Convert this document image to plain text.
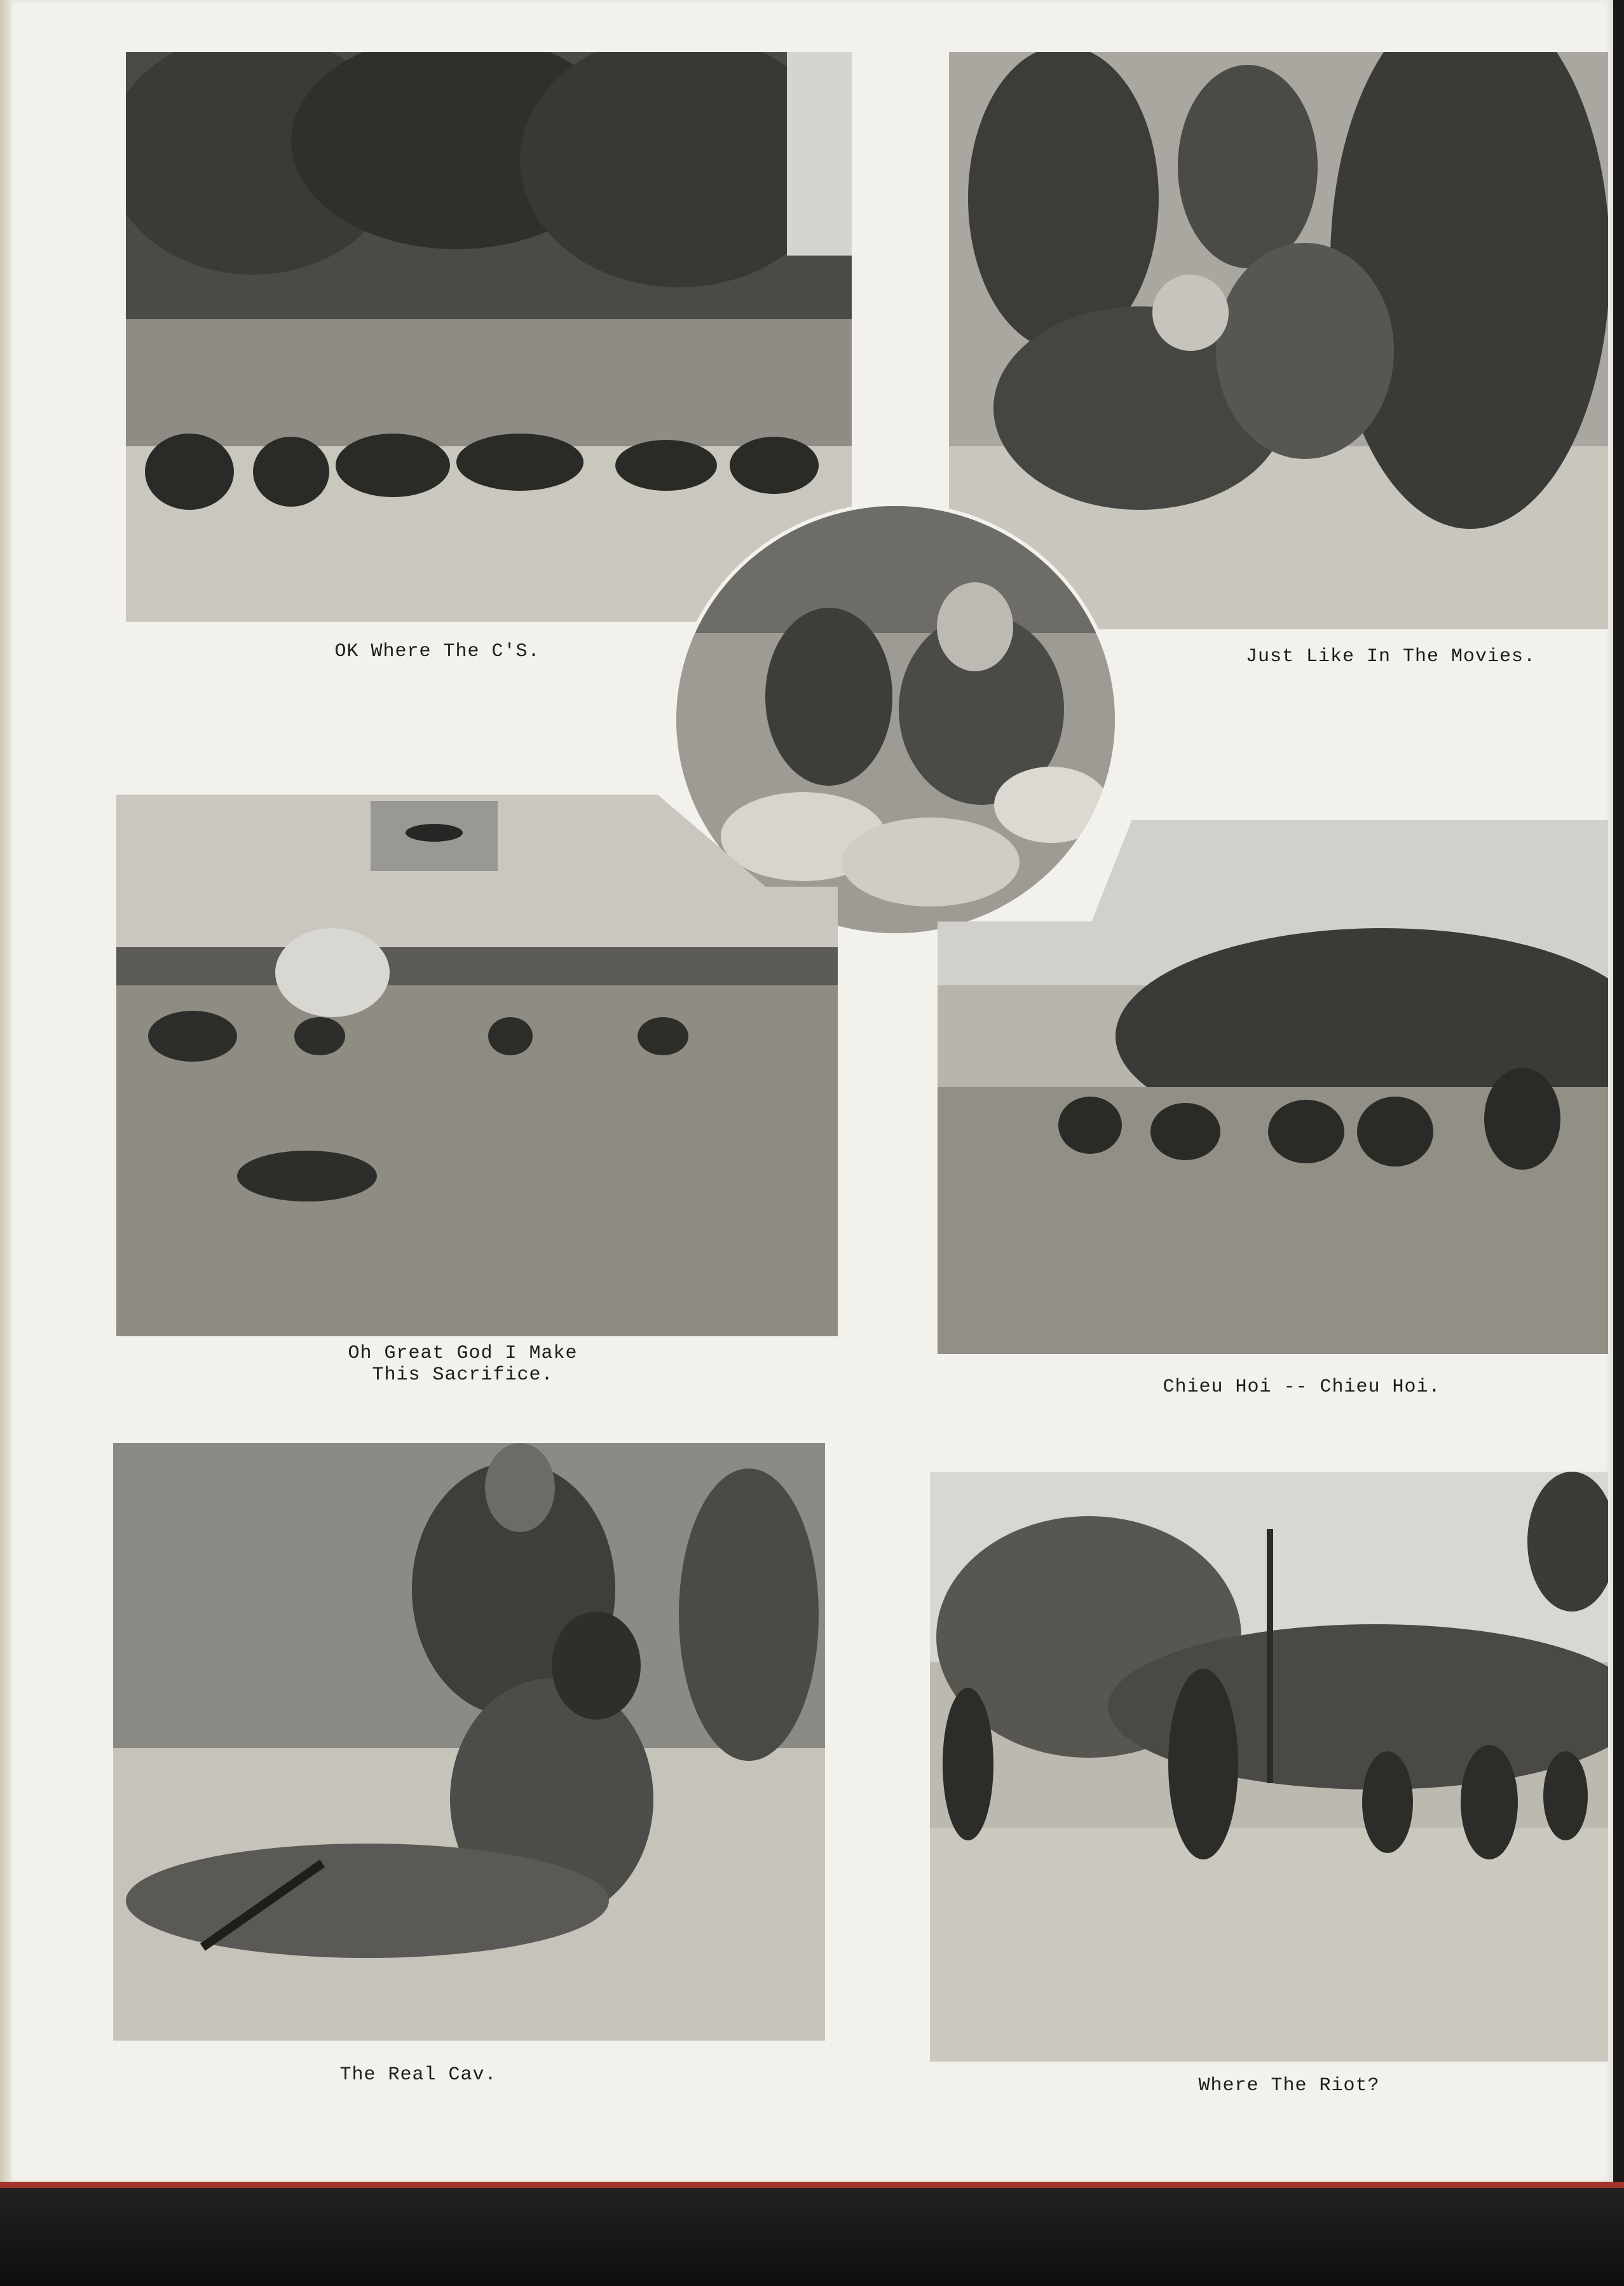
OK Where The C'S.	Just Like In The Movies.
Oh Great God I Make
This Sacrifice.
Chieu Hoi -- Chieu Hoi.
The Real Cav.	Where The Riot?
